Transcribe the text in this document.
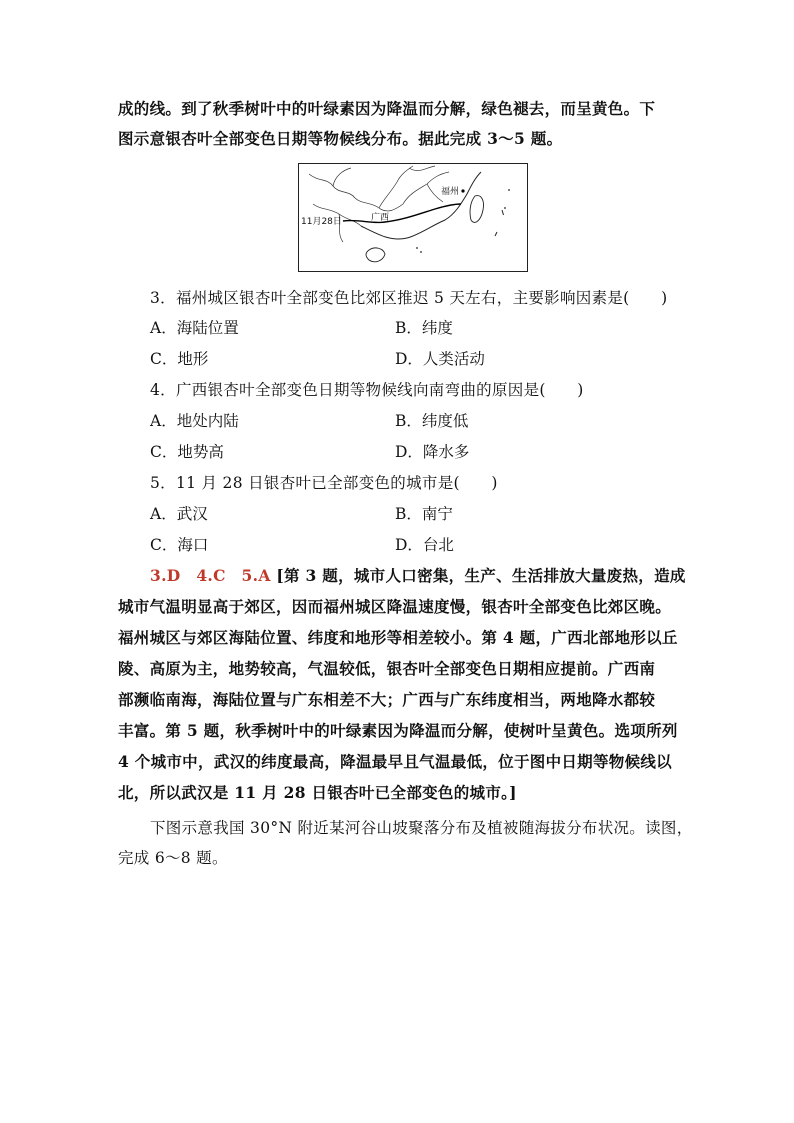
成的线。到了秋季树叶中的叶绿素因为降温而分解，绿色褪去，而呈黄色。下
图示意银杏叶全部变色日期等物候线分布。据此完成 3～5 题。
福州
广西
11月28日
3．福州城区银杏叶全部变色比郊区推迟 5 天左右，主要影响因素是(　　)
A．海陆位置	B．纬度
C．地形	D．人类活动
4．广西银杏叶全部变色日期等物候线向南弯曲的原因是(　　)
A．地处内陆	B．纬度低
C．地势高	D．降水多
5．11 月 28 日银杏叶已全部变色的城市是(　　)
A．武汉	B．南宁
C．海口	D．台北
3.D　4.C　5.A [第 3 题，城市人口密集，生产、生活排放大量废热，造成
城市气温明显高于郊区，因而福州城区降温速度慢，银杏叶全部变色比郊区晚。
福州城区与郊区海陆位置、纬度和地形等相差较小。第 4 题，广西北部地形以丘
陵、高原为主，地势较高，气温较低，银杏叶全部变色日期相应提前。广西南
部濒临南海，海陆位置与广东相差不大；广西与广东纬度相当，两地降水都较
丰富。第 5 题，秋季树叶中的叶绿素因为降温而分解，使树叶呈黄色。选项所列
4 个城市中，武汉的纬度最高，降温最早且气温最低，位于图中日期等物候线以
北，所以武汉是 11 月 28 日银杏叶已全部变色的城市。]
下图示意我国 30°N 附近某河谷山坡聚落分布及植被随海拔分布状况。读图，
完成 6～8 题。
